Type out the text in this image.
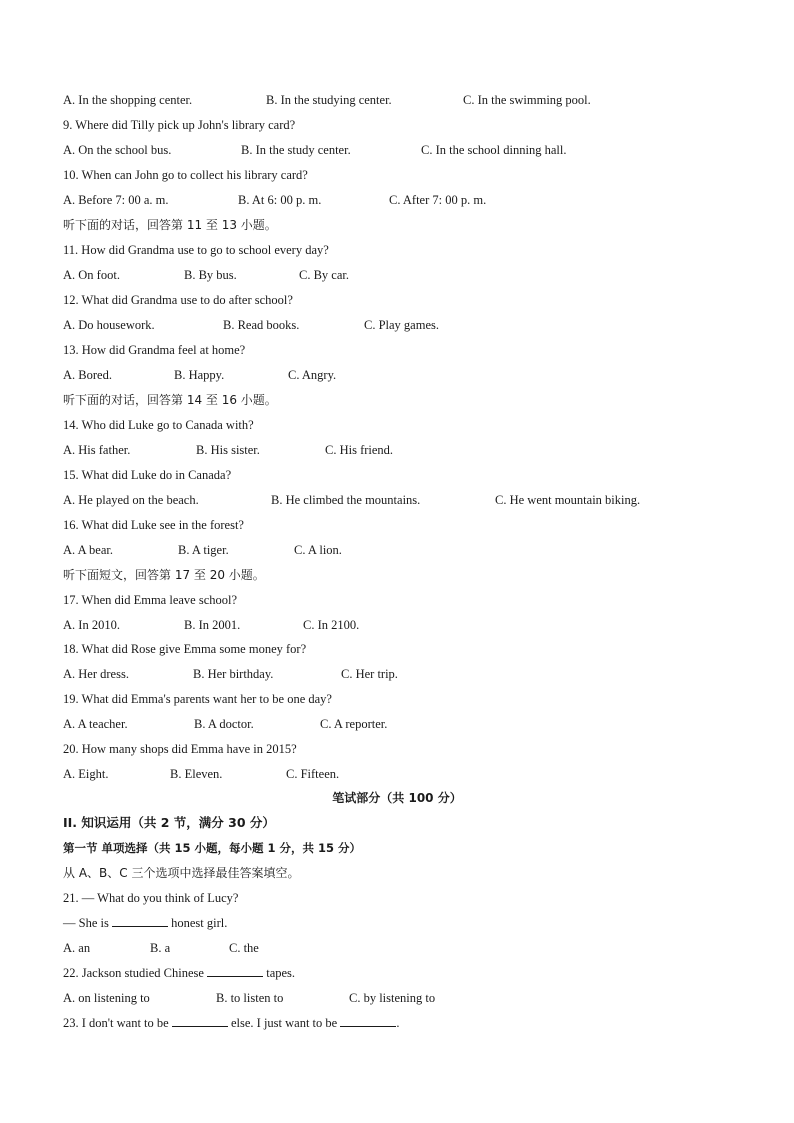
A. In the shopping center.	B. In the studying center.	C. In the swimming pool.
9. Where did Tilly pick up John's library card?
A. On the school bus.	B. In the study center.	C. In the school dinning hall.
10. When can John go to collect his library card?
A. Before 7: 00 a. m.	B. At 6: 00 p. m.	C. After 7: 00 p. m.
听下面的对话，回答第 11 至 13 小题。
11. How did Grandma use to go to school every day?
A. On foot.	B. By bus.	C. By car.
12. What did Grandma use to do after school?
A. Do housework.	B. Read books.	C. Play games.
13. How did Grandma feel at home?
A. Bored.	B. Happy.	C. Angry.
听下面的对话，回答第 14 至 16 小题。
14. Who did Luke go to Canada with?
A. His father.	B. His sister.	C. His friend.
15. What did Luke do in Canada?
A. He played on the beach.	B. He climbed the mountains.	C. He went mountain biking.
16. What did Luke see in the forest?
A. A bear.	B. A tiger.	C. A lion.
听下面短文，回答第 17 至 20 小题。
17. When did Emma leave school?
A. In 2010.	B. In 2001.	C. In 2100.
18. What did Rose give Emma some money for?
A. Her dress.	B. Her birthday.	C. Her trip.
19. What did Emma's parents want her to be one day?
A. A teacher.	B. A doctor.	C. A reporter.
20. How many shops did Emma have in 2015?
A. Eight.	B. Eleven.	C. Fifteen.
笔试部分（共 100 分）
II. 知识运用（共 2 节，满分 30 分）
第一节 单项选择（共 15 小题，每小题 1 分，共 15 分）
从 A、B、C 三个选项中选择最佳答案填空。
21. — What do you think of Lucy?
— She is	honest girl.
A. an	B. a	C. the
22. Jackson studied Chinese	tapes.
A. on listening to	B. to listen to	C. by listening to
23. I don't want to be	else. I just want to be	.
